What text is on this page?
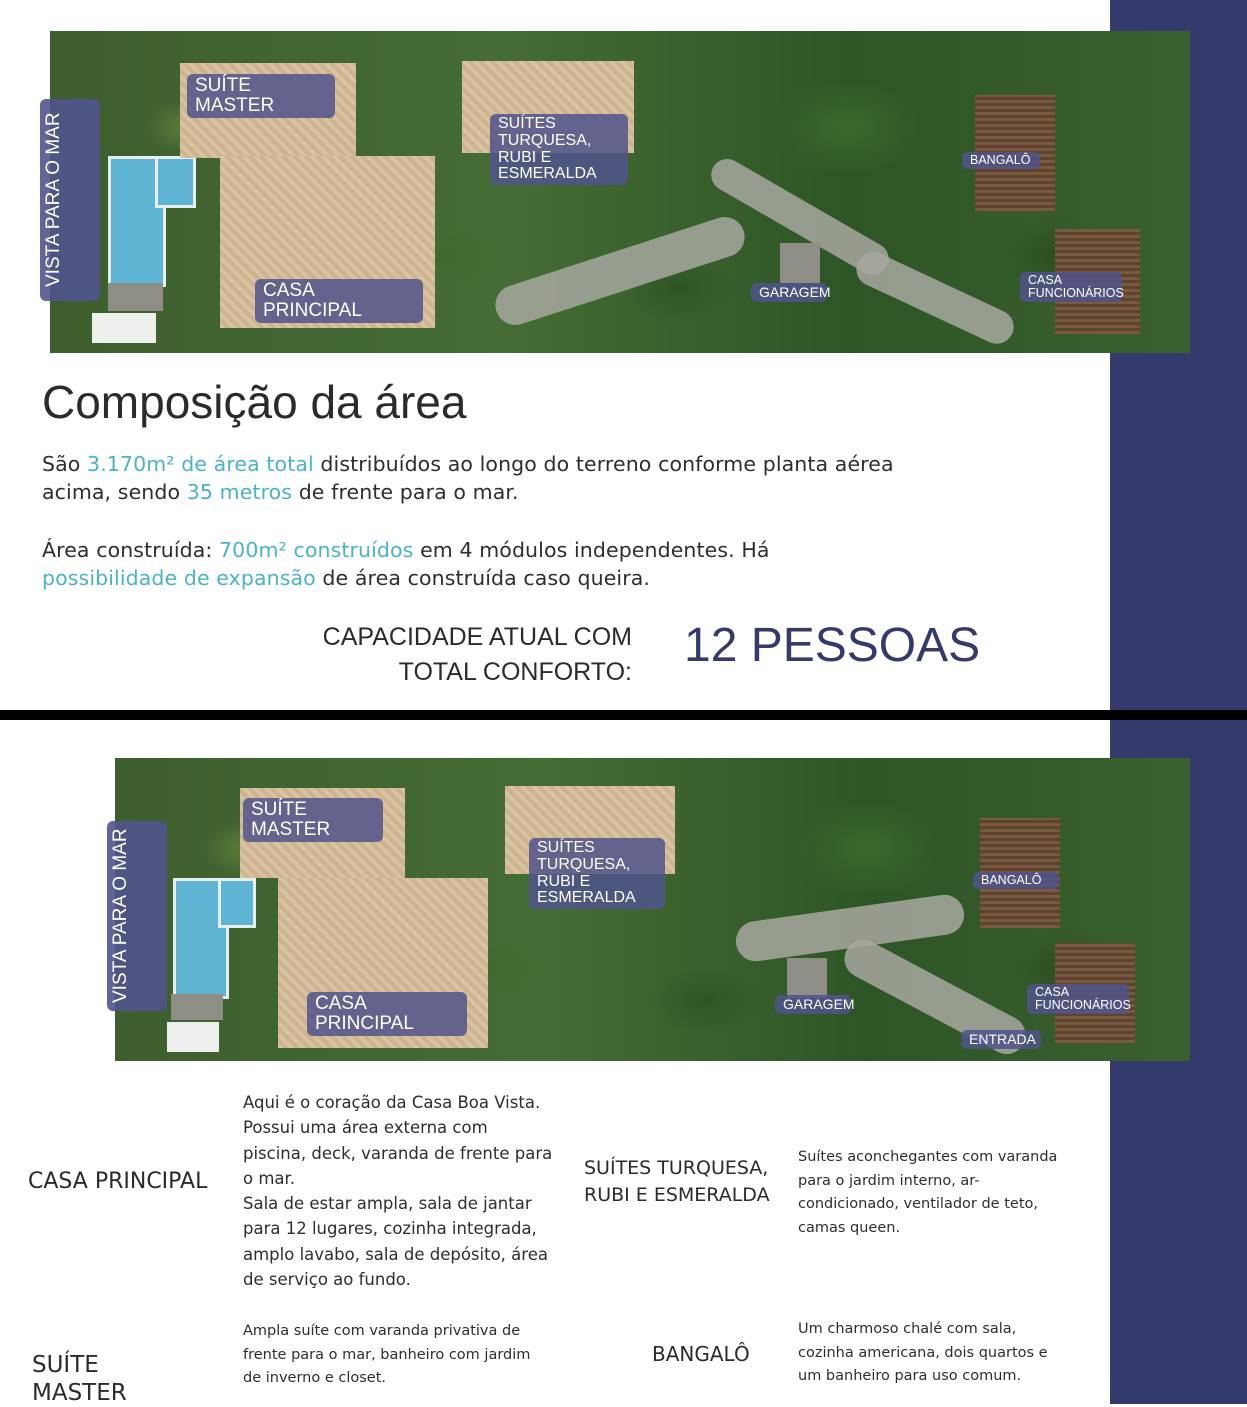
VISTA PARA O MAR
SUÍTE MASTER
SUÍTES TURQUESA, RUBI E ESMERALDA
BANGALÔ
CASA PRINCIPAL
GARAGEM
CASA FUNCIONÁRIOS
Composição da área

São 3.170m² de área total distribuídos ao longo do terreno conforme planta aérea acima, sendo 35 metros de frente para o mar.

Área construída: 700m² construídos em 4 módulos independentes. Há possibilidade de expansão de área construída caso queira.

CAPACIDADE ATUAL COM
TOTAL CONFORTO: 12 PESSOAS
VISTA PARA O MAR
SUÍTE MASTER
SUÍTES TURQUESA, RUBI E ESMERALDA
BANGALÔ
CASA PRINCIPAL
GARAGEM
CASA FUNCIONÁRIOS
ENTRADA
CASA PRINCIPAL
Aqui é o coração da Casa Boa Vista. Possui uma área externa com piscina, deck, varanda de frente para o mar.
Sala de estar ampla, sala de jantar para 12 lugares, cozinha integrada, amplo lavabo, sala de depósito, área de serviço ao fundo.
SUÍTES TURQUESA, RUBI E ESMERALDA
Suítes aconchegantes com varanda para o jardim interno, ar-condicionado, ventilador de teto, camas queen.
SUÍTE MASTER
Ampla suíte com varanda privativa de frente para o mar, banheiro com jardim de inverno e closet.
BANGALÔ
Um charmoso chalé com sala, cozinha americana, dois quartos e um banheiro para uso comum.
